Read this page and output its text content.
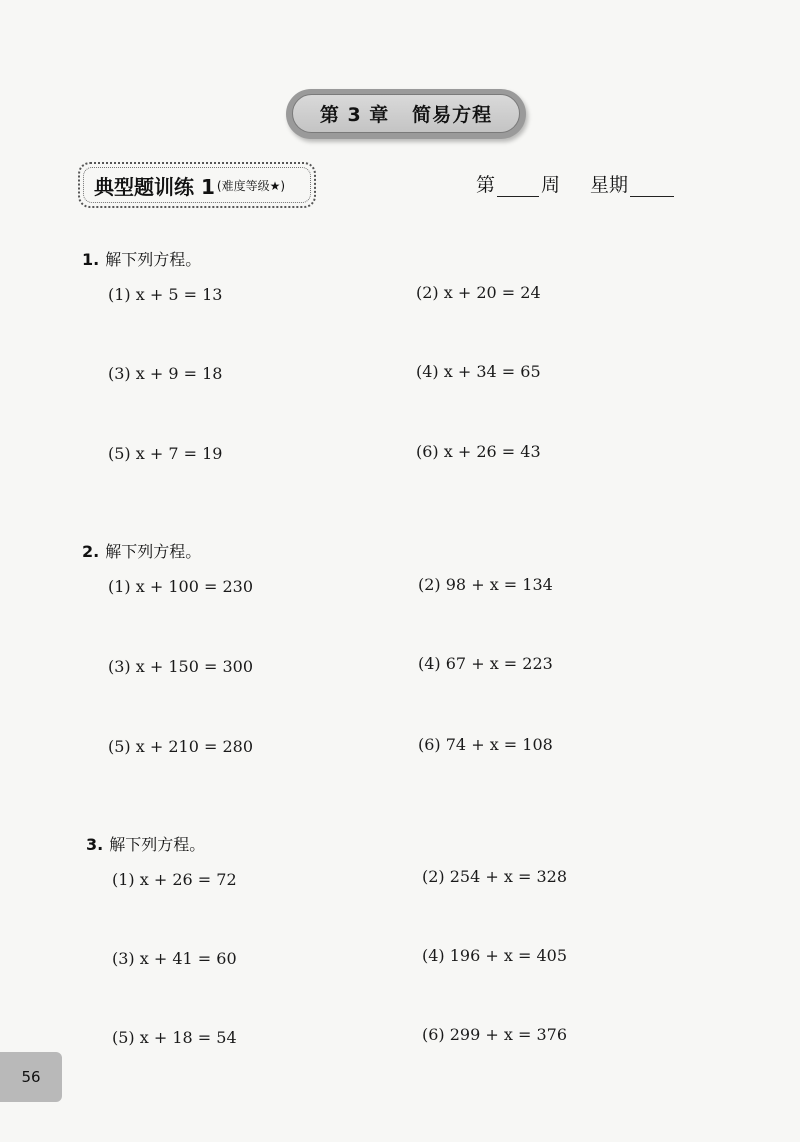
第 3 章   简易方程
典型题训练 1 (难度等级★)	第 周 星期
1. 解下列方程。
(1) x + 5 = 13	(2) x + 20 = 24
(3) x + 9 = 18	(4) x + 34 = 65
(5) x + 7 = 19	(6) x + 26 = 43
2. 解下列方程。
(1) x + 100 = 230	(2) 98 + x = 134
(3) x + 150 = 300	(4) 67 + x = 223
(5) x + 210 = 280	(6) 74 + x = 108
3. 解下列方程。
(1) x + 26 = 72	(2) 254 + x = 328
(3) x + 41 = 60	(4) 196 + x = 405
(5) x + 18 = 54	(6) 299 + x = 376
56
